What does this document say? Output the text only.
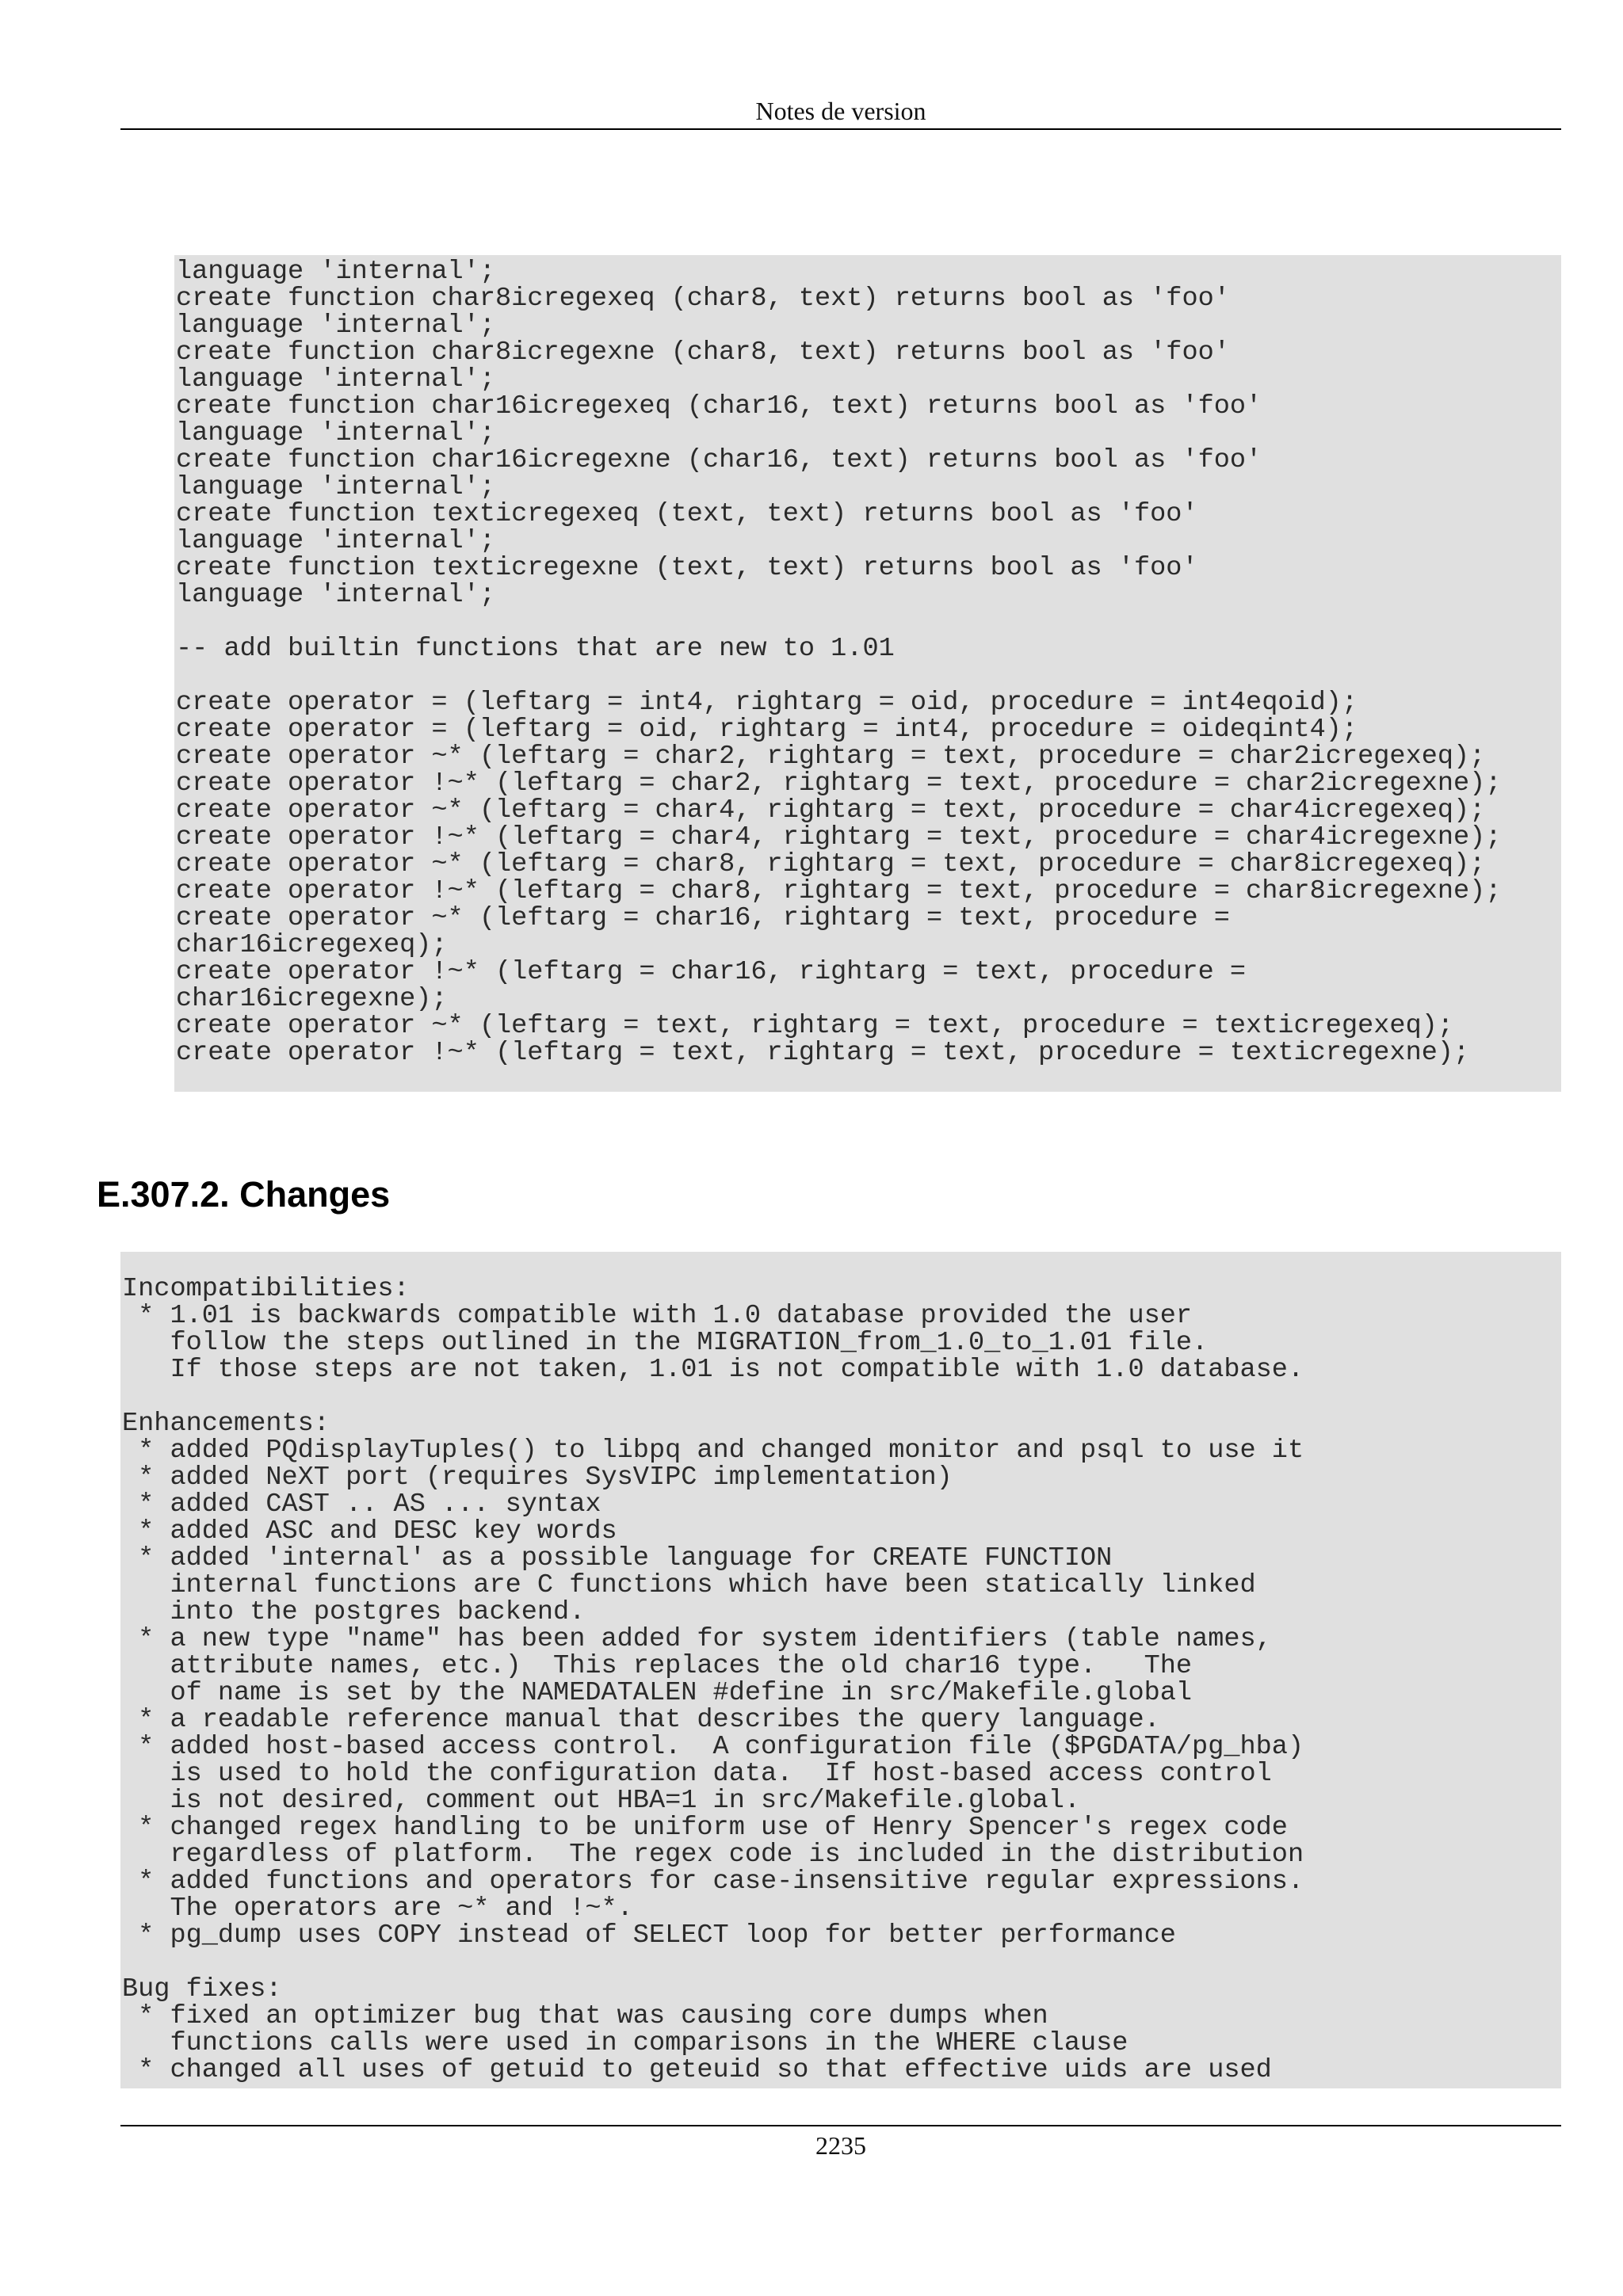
Notes de version
language 'internal';
create function char8icregexeq (char8, text) returns bool as 'foo'
language 'internal';
create function char8icregexne (char8, text) returns bool as 'foo'
language 'internal';
create function char16icregexeq (char16, text) returns bool as 'foo'
language 'internal';
create function char16icregexne (char16, text) returns bool as 'foo'
language 'internal';
create function texticregexeq (text, text) returns bool as 'foo'
language 'internal';
create function texticregexne (text, text) returns bool as 'foo'
language 'internal';

-- add builtin functions that are new to 1.01

create operator = (leftarg = int4, rightarg = oid, procedure = int4eqoid);
create operator = (leftarg = oid, rightarg = int4, procedure = oideqint4);
create operator ~* (leftarg = char2, rightarg = text, procedure = char2icregexeq);
create operator !~* (leftarg = char2, rightarg = text, procedure = char2icregexne);
create operator ~* (leftarg = char4, rightarg = text, procedure = char4icregexeq);
create operator !~* (leftarg = char4, rightarg = text, procedure = char4icregexne);
create operator ~* (leftarg = char8, rightarg = text, procedure = char8icregexeq);
create operator !~* (leftarg = char8, rightarg = text, procedure = char8icregexne);
create operator ~* (leftarg = char16, rightarg = text, procedure =
char16icregexeq);
create operator !~* (leftarg = char16, rightarg = text, procedure =
char16icregexne);
create operator ~* (leftarg = text, rightarg = text, procedure = texticregexeq);
create operator !~* (leftarg = text, rightarg = text, procedure = texticregexne);
E.307.2. Changes
Incompatibilities:
* 1.01 is backwards compatible with 1.0 database provided the user
follow the steps outlined in the MIGRATION_from_1.0_to_1.01 file.
If those steps are not taken, 1.01 is not compatible with 1.0 database.

Enhancements:
* added PQdisplayTuples() to libpq and changed monitor and psql to use it
* added NeXT port (requires SysVIPC implementation)
* added CAST .. AS ... syntax
* added ASC and DESC key words
* added 'internal' as a possible language for CREATE FUNCTION
internal functions are C functions which have been statically linked
into the postgres backend.
* a new type "name" has been added for system identifiers (table names,
attribute names, etc.)  This replaces the old char16 type.   The
of name is set by the NAMEDATALEN #define in src/Makefile.global
* a readable reference manual that describes the query language.
* added host-based access control.  A configuration file ($PGDATA/pg_hba)
is used to hold the configuration data.  If host-based access control
is not desired, comment out HBA=1 in src/Makefile.global.
* changed regex handling to be uniform use of Henry Spencer's regex code
regardless of platform.  The regex code is included in the distribution
* added functions and operators for case-insensitive regular expressions.
The operators are ~* and !~*.
* pg_dump uses COPY instead of SELECT loop for better performance

Bug fixes:
* fixed an optimizer bug that was causing core dumps when
functions calls were used in comparisons in the WHERE clause
* changed all uses of getuid to geteuid so that effective uids are used
2235
